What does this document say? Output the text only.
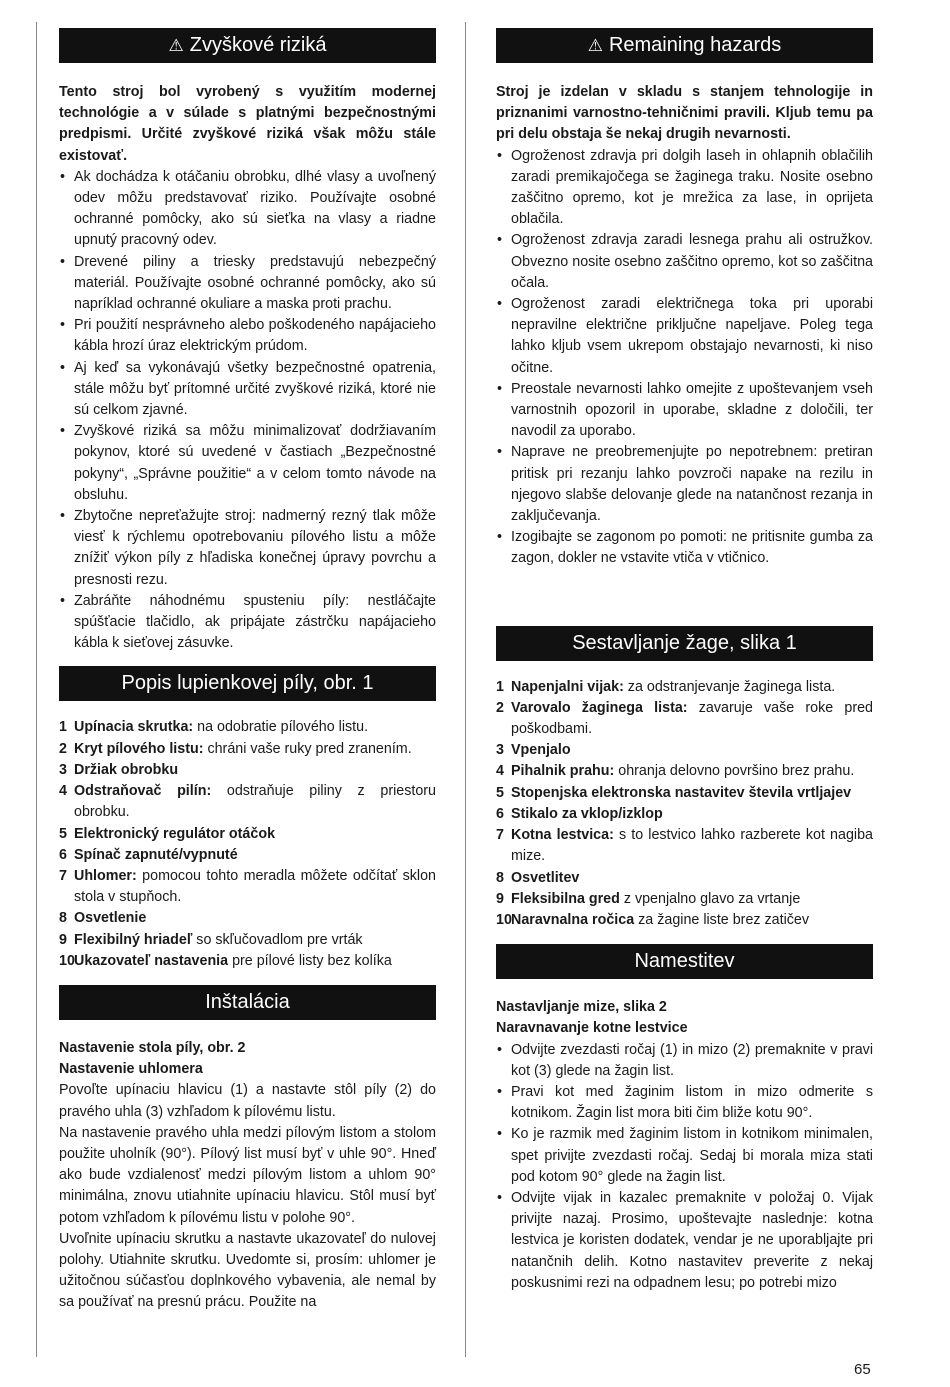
⚠ Zvyškové riziká

Tento stroj bol vyrobený s využitím modernej technológie a v súlade s platnými bezpečnostnými predpismi. Určité zvyškové riziká však môžu stále existovať.

• Ak dochádza k otáčaniu obrobku, dlhé vlasy a uvoľnený odev môžu predstavovať riziko. Používajte osobné ochranné pomôcky, ako sú sieťka na vlasy a riadne upnutý pracovný odev.
• Drevené piliny a triesky predstavujú nebezpečný materiál. Používajte osobné ochranné pomôcky, ako sú napríklad ochranné okuliare a maska proti prachu.
• Pri použití nesprávneho alebo poškodeného napájacieho kábla hrozí úraz elektrickým prúdom.
• Aj keď sa vykonávajú všetky bezpečnostné opatrenia, stále môžu byť prítomné určité zvyškové riziká, ktoré nie sú celkom zjavné.
• Zvyškové riziká sa môžu minimalizovať dodržiavaním pokynov, ktoré sú uvedené v častiach „Bezpečnostné pokyny“, „Správne použitie“ a v celom tomto návode na obsluhu.
• Zbytočne nepreťažujte stroj: nadmerný rezný tlak môže viesť k rýchlemu opotrebovaniu pílového listu a môže znížiť výkon píly z hľadiska konečnej úpravy povrchu a presnosti rezu.
• Zabráňte náhodnému spusteniu píly: nestláčajte spúšťacie tlačidlo, ak pripájate zástrčku napájacieho kábla k sieťovej zásuvke.
Popis lupienkovej píly, obr. 1
1 Upínacia skrutka: na odobratie pílového listu.
2 Kryt pílového listu: chráni vaše ruky pred zranením.
3 Držiak obrobku
4 Odstraňovač pilín: odstraňuje piliny z priestoru obrobku.
5 Elektronický regulátor otáčok
6 Spínač zapnuté/vypnuté
7 Uhlomer: pomocou tohto meradla môžete odčítať sklon stola v stupňoch.
8 Osvetlenie
9 Flexibilný hriadeľ so skľučovadlom pre vrták
10 Ukazovateľ nastavenia pre pílové listy bez kolíka
Inštalácia

Nastavenie stola píly, obr. 2

Nastavenie uhlomera

Povoľte upínaciu hlavicu (1) a nastavte stôl píly (2) do pravého uhla (3) vzhľadom k pílovému listu.

Na nastavenie pravého uhla medzi pílovým listom a stolom použite uholník (90°). Pílový list musí byť v uhle 90°. Hneď ako bude vzdialenosť medzi pílovým listom a uhlom 90° minimálna, znovu utiahnite upínaciu hlavicu. Stôl musí byť potom vzhľadom k pílovému listu v polohe 90°.

Uvoľnite upínaciu skrutku a nastavte ukazovateľ do nulovej polohy. Utiahnite skrutku. Uvedomte si, prosím: uhlomer je užitočnou súčasťou doplnkového vybavenia, ale nemal by sa používať na presnú prácu. Použite na

⚠ Remaining hazards

Stroj je izdelan v skladu s stanjem tehnologije in priznanimi varnostno-tehničnimi pravili. Kljub temu pa pri delu obstaja še nekaj drugih nevarnosti.

• Ogroženost zdravja pri dolgih laseh in ohlapnih oblačilih zaradi premikajočega se žaginega traku. Nosite osebno zaščitno opremo, kot je mrežica za lase, in oprijeta oblačila.
• Ogroženost zdravja zaradi lesnega prahu ali ostružkov. Obvezno nosite osebno zaščitno opremo, kot so zaščitna očala.
• Ogroženost zaradi električnega toka pri uporabi nepravilne električne priključne napeljave. Poleg tega lahko kljub vsem ukrepom obstajajo nevarnosti, ki niso očitne.
• Preostale nevarnosti lahko omejite z upoštevanjem vseh varnostnih opozoril in uporabe, skladne z določili, ter navodil za uporabo.
• Naprave ne preobremenjujte po nepotrebnem: pretiran pritisk pri rezanju lahko povzroči napake na rezilu in njegovo slabše delovanje glede na natančnost rezanja in zaključevanja.
• Izogibajte se zagonom po pomoti: ne pritisnite gumba za zagon, dokler ne vstavite vtiča v vtičnico.
Sestavljanje žage, slika 1
1 Napenjalni vijak: za odstranjevanje žaginega lista.
2 Varovalo žaginega lista: zavaruje vaše roke pred poškodbami.
3 Vpenjalo
4 Pihalnik prahu: ohranja delovno površino brez prahu.
5 Stopenjska elektronska nastavitev števila vrtljajev
6 Stikalo za vklop/izklop
7 Kotna lestvica: s to lestvico lahko razberete kot nagiba mize.
8 Osvetlitev
9 Fleksibilna gred z vpenjalno glavo za vrtanje
10 Naravnalna ročica za žagine liste brez zatičev
Namestitev

Nastavljanje mize, slika 2

Naravnavanje kotne lestvice

• Odvijte zvezdasti ročaj (1) in mizo (2) premaknite v pravi kot (3) glede na žagin list.
• Pravi kot med žaginim listom in mizo odmerite s kotnikom. Žagin list mora biti čim bliže kotu 90°.
• Ko je razmik med žaginim listom in kotnikom minimalen, spet privijte zvezdasti ročaj. Sedaj bi morala miza stati pod kotom 90° glede na žagin list.
• Odvijte vijak in kazalec premaknite v položaj 0. Vijak privijte nazaj. Prosimo, upoštevajte naslednje: kotna lestvica je koristen dodatek, vendar je ne uporabljajte pri natančnih delih. Kotno nastavitev preverite z nekaj poskusnimi rezi na odpadnem lesu; po potrebi mizo
65
